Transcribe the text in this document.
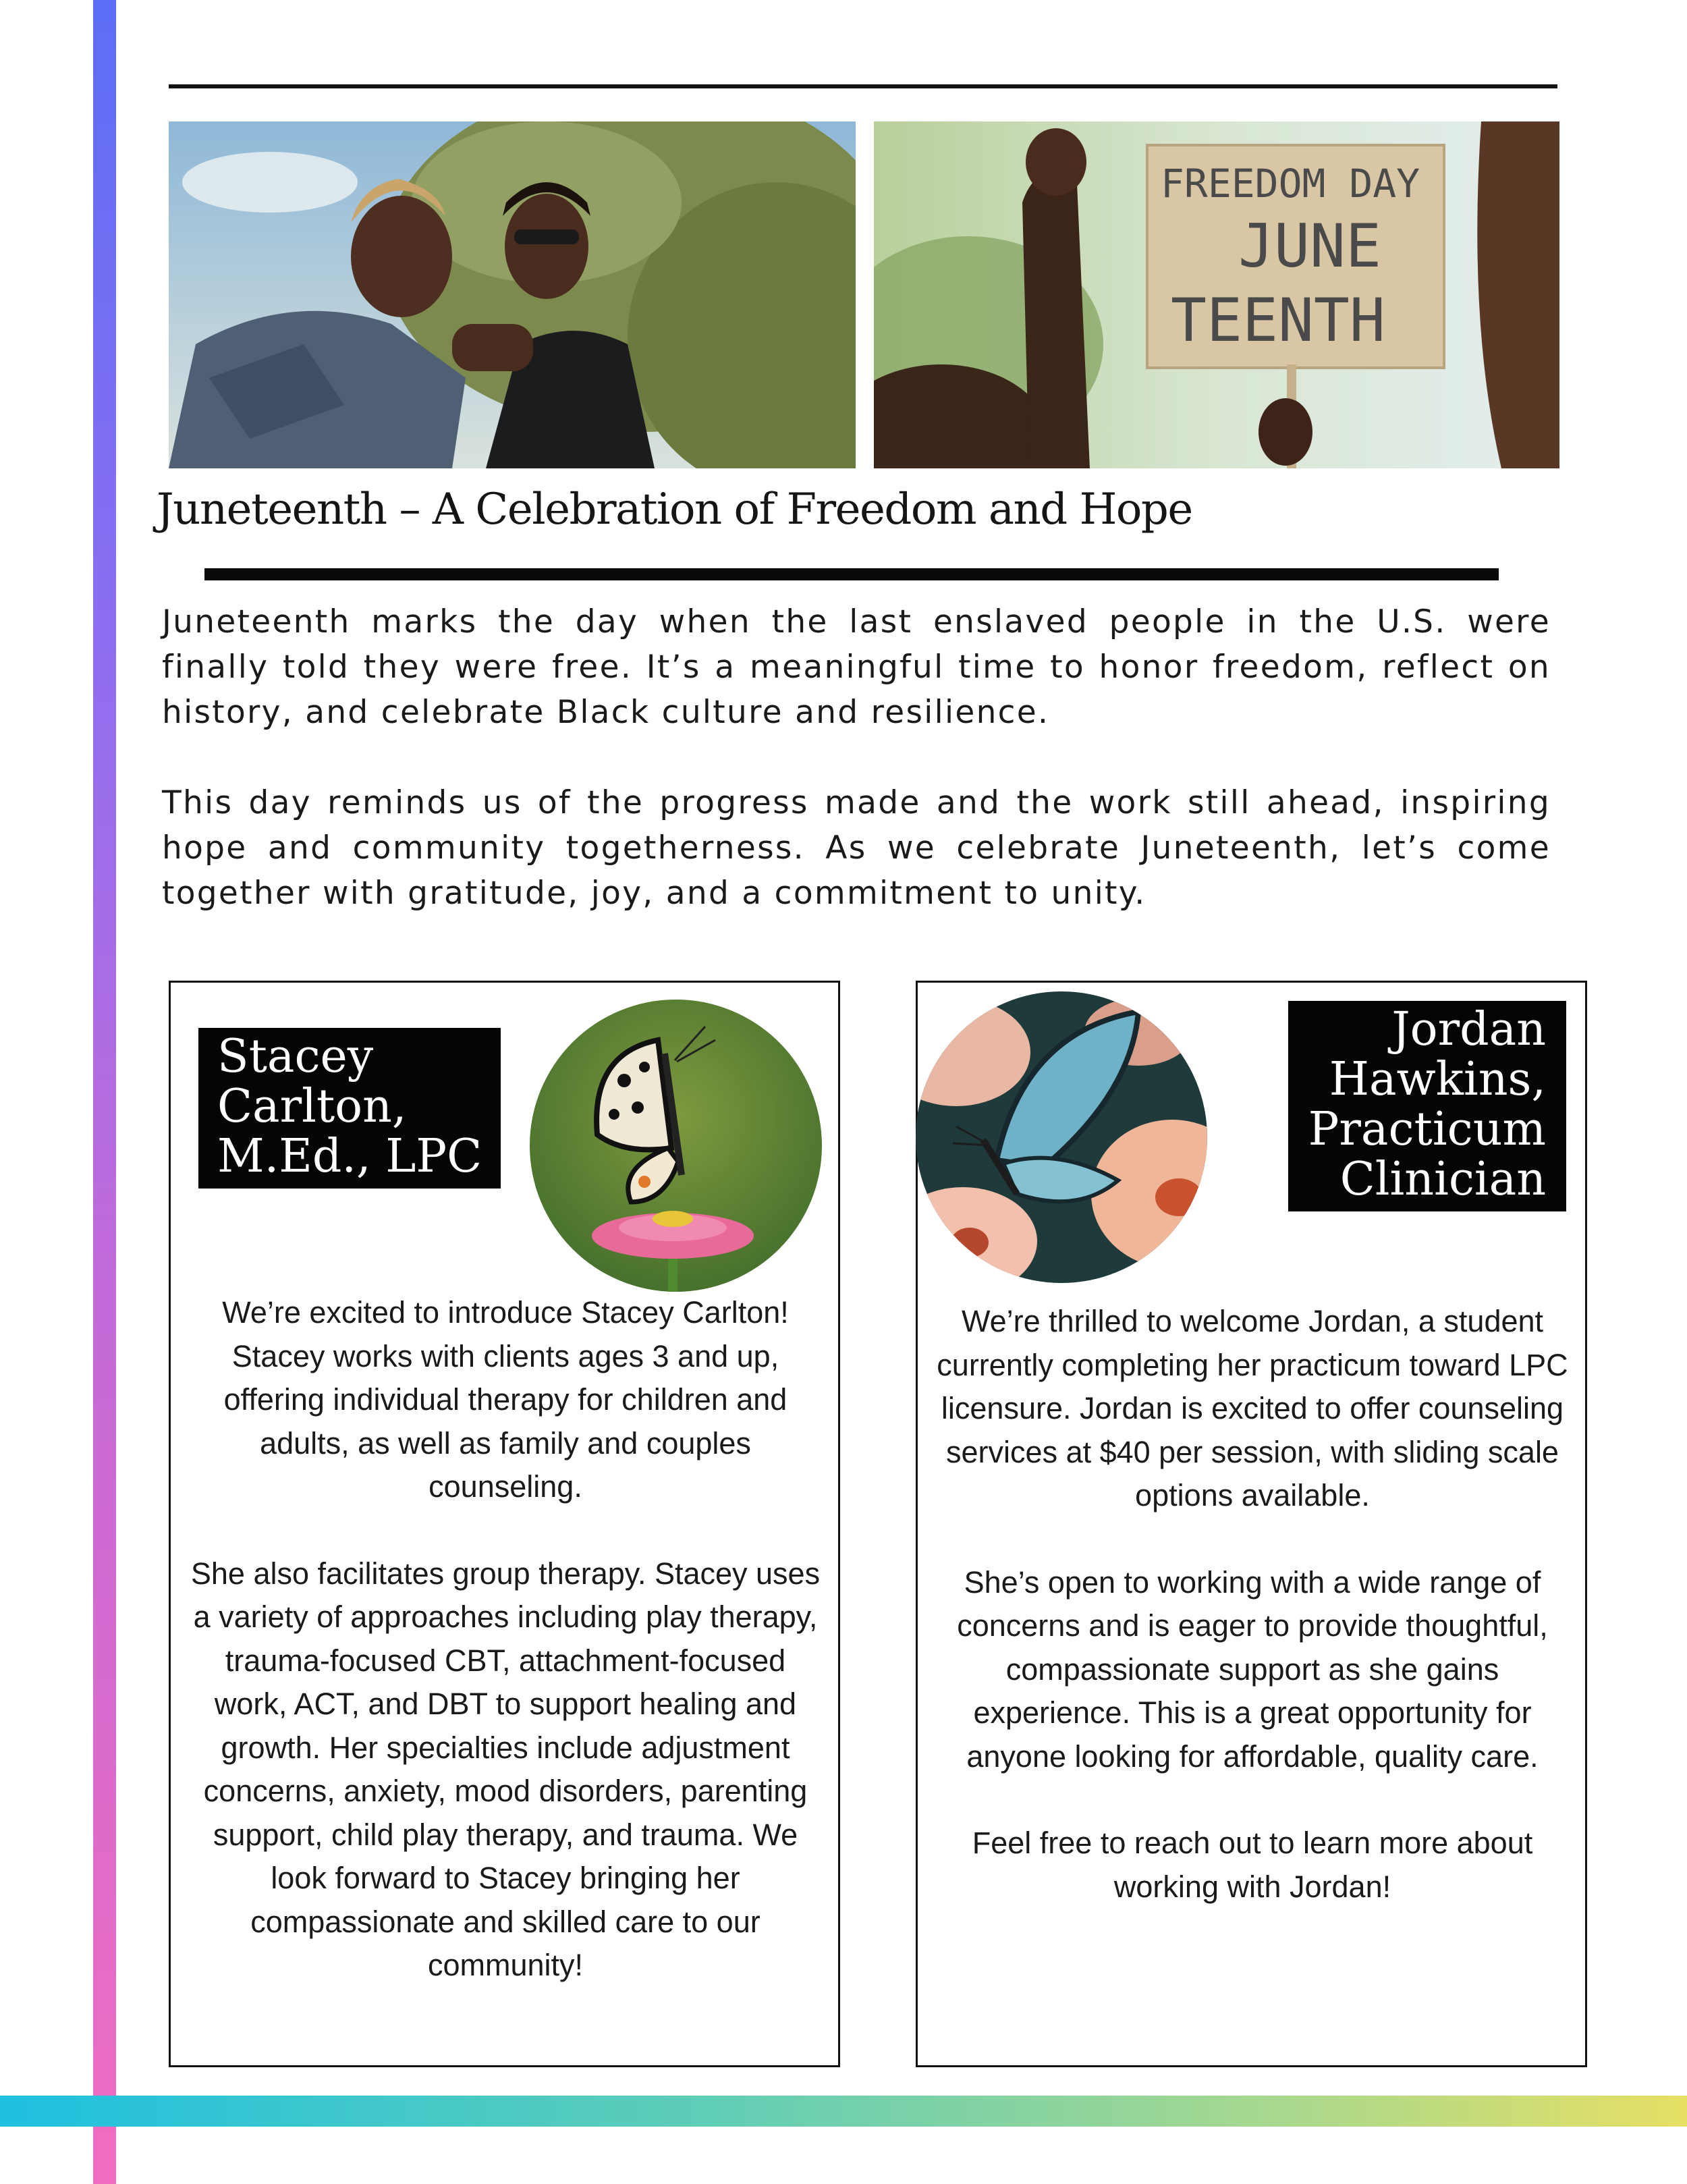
FREEDOM DAY
JUNE
TEENTH
Juneteenth – A Celebration of Freedom and Hope

Juneteenth marks the day when the last enslaved people in the U.S. were finally told they were free. It’s a meaningful time to honor freedom, reflect on history, and celebrate Black culture and resilience.

This day reminds us of the progress made and the work still ahead, inspiring hope and community togetherness. As we celebrate Juneteenth, let’s come together with gratitude, joy, and a commitment to unity.

Stacey
Carlton,
M.Ed., LPC

We’re excited to introduce Stacey Carlton! Stacey works with clients ages 3 and up, offering individual therapy for children and adults, as well as family and couples counseling.

She also facilitates group therapy. Stacey uses a variety of approaches including play therapy, trauma-focused CBT, attachment-focused work, ACT, and DBT to support healing and growth. Her specialties include adjustment concerns, anxiety, mood disorders, parenting support, child play therapy, and trauma. We look forward to Stacey bringing her compassionate and skilled care to our community!

Jordan
Hawkins,
Practicum
Clinician

We’re thrilled to welcome Jordan, a student currently completing her practicum toward LPC licensure. Jordan is excited to offer counseling services at $40 per session, with sliding scale options available.

She’s open to working with a wide range of concerns and is eager to provide thoughtful, compassionate support as she gains experience. This is a great opportunity for anyone looking for affordable, quality care.

Feel free to reach out to learn more about working with Jordan!
